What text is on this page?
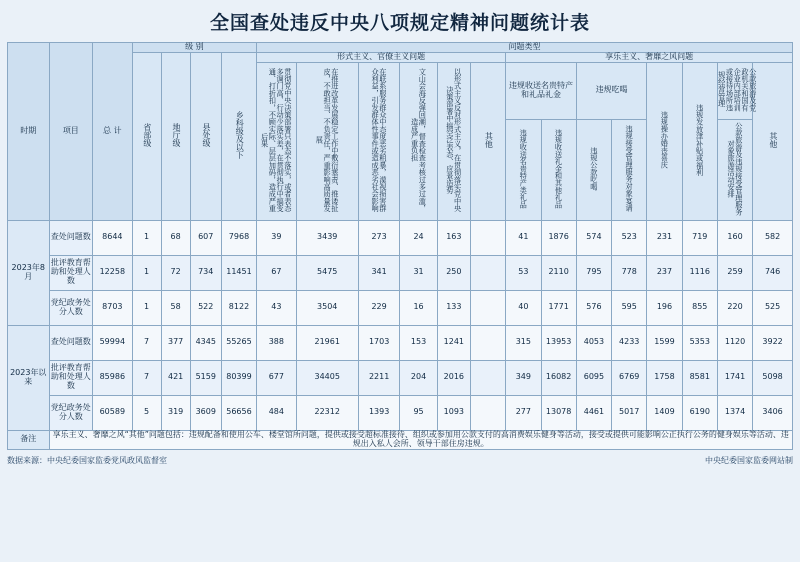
全国查处违反中央八项规定精神问题统计表
时期	项目	总 计	级 别				问题类型													
			省部级	地厅级	县处级	乡科级及以下	形式主义、官僚主义问题						享乐主义、奢靡之风问题							
							贯彻党中央决策部署只表态不落实，或者表态多调门高、行动少落实差，在贯彻执行中搞变通、打折扣，不顾实际、层层加码，造成严重后果	在推进改革发展稳定工作中敷衍塞责、推诿扯皮，不敢担当、不负责任，严重影响高质量发展	在联系服务群众中态度恶劣粗暴，漠视损害群众利益，引发群体性事件或造成恶劣社会影响	文山会海反弹回潮，督查检查考核过多过滥，造成严重负担	以形式主义反对形式主义，在贯彻落实党中央决策部署中搞空泛表态、应景造势	其他	违规收送名贵特产和礼品礼金		违规吃喝		违规操办婚丧喜庆	违规发放津补贴或福利	公款旅游及党政机关和国有企业内部培训或接待场所违规经营管理	其他
													违规收送名贵特产类礼品	违规收送礼金和其他礼品	违规公款吃喝	违规接受管理服务对象宴请			公款旅游及违规接受管理服务对象旅游活动安排	
2023年8月	查处问题数	8644	1	68	607	7968	39	3439	273	24	163		41	1876	574	523	231	719	160	582
	批评教育帮助和处理人数	12258	1	72	734	11451	67	5475	341	31	250		53	2110	795	778	237	1116	259	746
	党纪政务处分人数	8703	1	58	522	8122	43	3504	229	16	133		40	1771	576	595	196	855	220	525
2023年以来	查处问题数	59994	7	377	4345	55265	388	21961	1703	153	1241		315	13953	4053	4233	1599	5353	1120	3922
	批评教育帮助和处理人数	85986	7	421	5159	80399	677	34405	2211	204	2016		349	16082	6095	6769	1758	8581	1741	5098
	党纪政务处分人数	60589	5	319	3609	56656	484	22312	1393	95	1093		277	13078	4461	5017	1409	6190	1374	3406
备注	享乐主义、奢靡之风“其他”问题包括：违规配备和使用公车、楼堂馆所问题，提供或接受超标准接待、组织或参加用公款支付的高消费娱乐健身等活动，接受或提供可能影响公正执行公务的健身娱乐等活动、违规出入私人会所、领导干部住房违规。																			
数据来源：中央纪委国家监委党风政风监督室	中央纪委国家监委网站制
